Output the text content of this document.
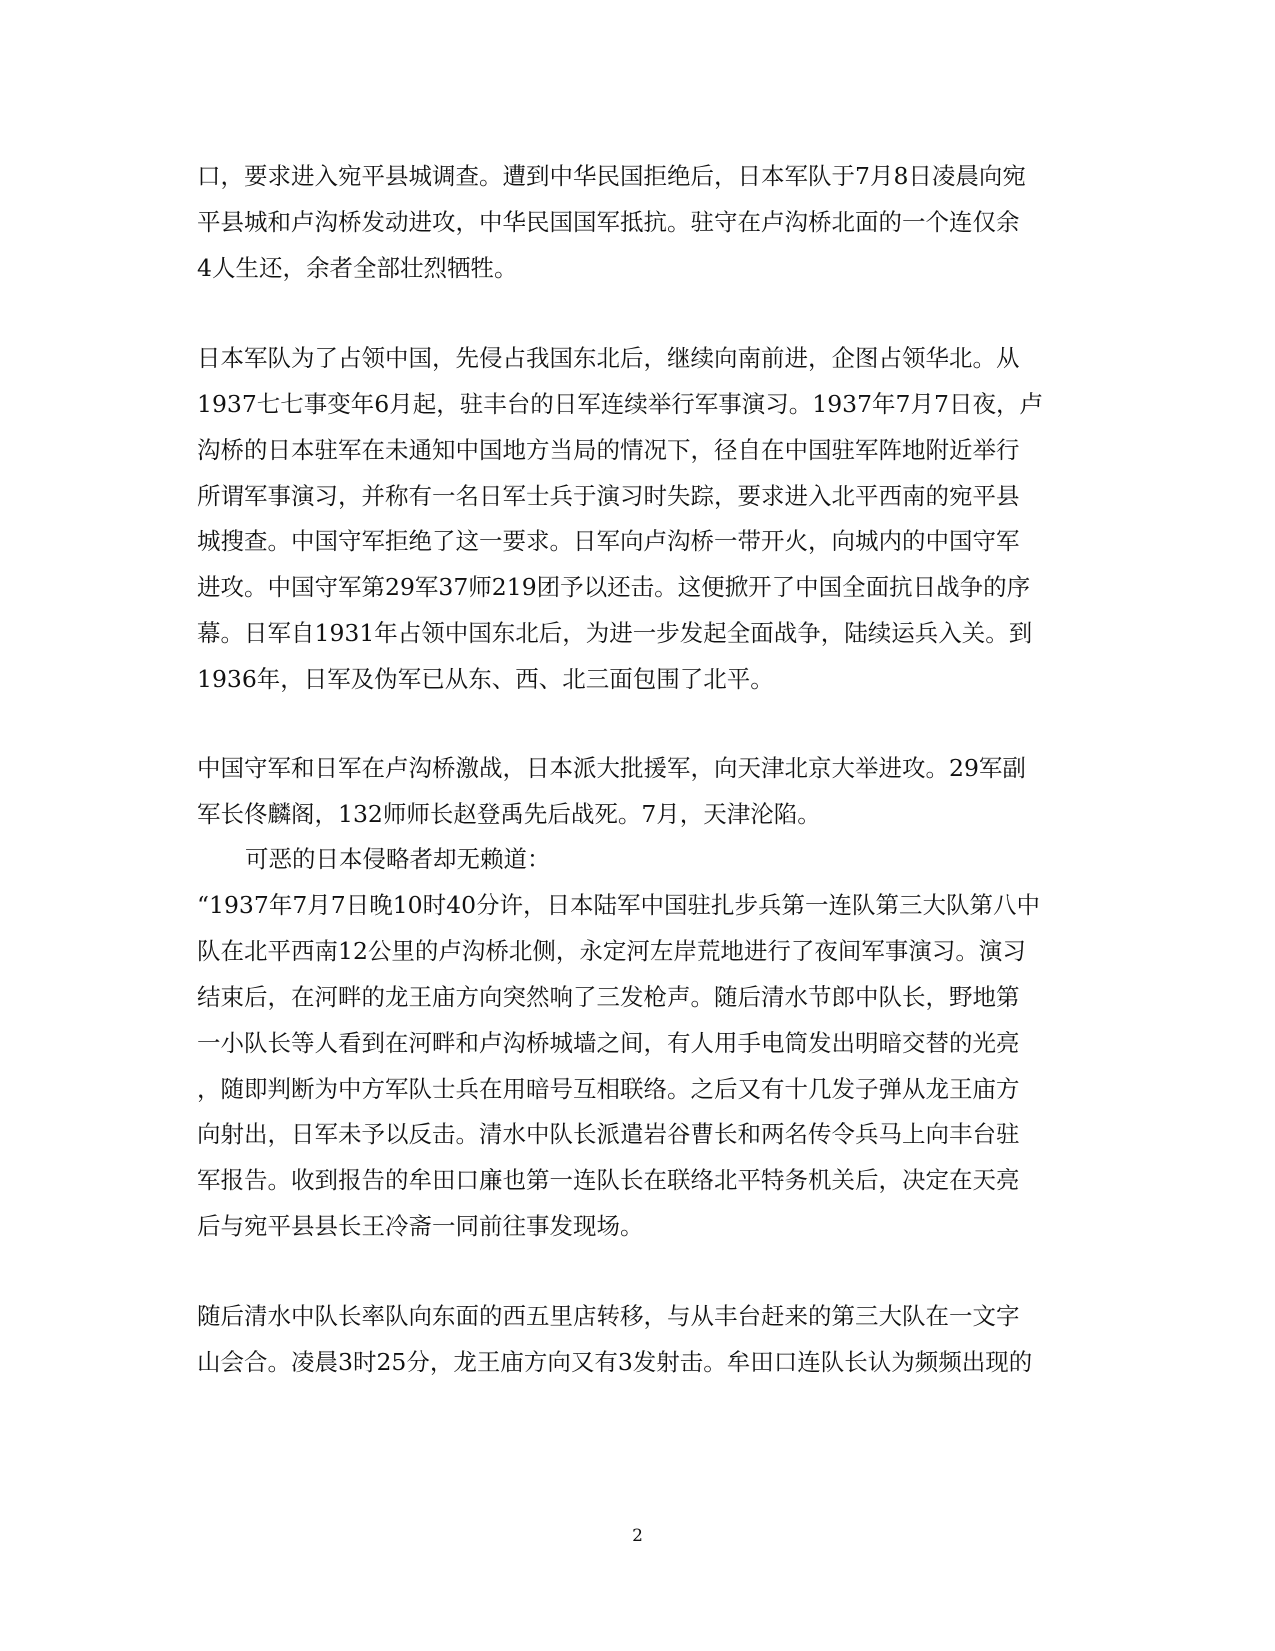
口，要求进入宛平县城调查。遭到中华民国拒绝后，日本军队于7月8日凌晨向宛
平县城和卢沟桥发动进攻，中华民国国军抵抗。驻守在卢沟桥北面的一个连仅余
4人生还，余者全部壮烈牺牲。
日本军队为了占领中国，先侵占我国东北后，继续向南前进，企图占领华北。从
1937七七事变年6月起，驻丰台的日军连续举行军事演习。1937年7月7日夜，卢
沟桥的日本驻军在未通知中国地方当局的情况下，径自在中国驻军阵地附近举行
所谓军事演习，并称有一名日军士兵于演习时失踪，要求进入北平西南的宛平县
城搜查。中国守军拒绝了这一要求。日军向卢沟桥一带开火，向城内的中国守军
进攻。中国守军第29军37师219团予以还击。这便掀开了中国全面抗日战争的序
幕。日军自1931年占领中国东北后，为进一步发起全面战争，陆续运兵入关。到
1936年，日军及伪军已从东、西、北三面包围了北平。
中国守军和日军在卢沟桥激战，日本派大批援军，向天津北京大举进攻。29军副
军长佟麟阁，132师师长赵登禹先后战死。7月，天津沦陷。
可恶的日本侵略者却无赖道：
“1937年7月7日晚10时40分许，日本陆军中国驻扎步兵第一连队第三大队第八中
队在北平西南12公里的卢沟桥北侧，永定河左岸荒地进行了夜间军事演习。演习
结束后，在河畔的龙王庙方向突然响了三发枪声。随后清水节郎中队长，野地第
一小队长等人看到在河畔和卢沟桥城墙之间，有人用手电筒发出明暗交替的光亮
，随即判断为中方军队士兵在用暗号互相联络。之后又有十几发子弹从龙王庙方
向射出，日军未予以反击。清水中队长派遣岩谷曹长和两名传令兵马上向丰台驻
军报告。收到报告的牟田口廉也第一连队长在联络北平特务机关后，决定在天亮
后与宛平县县长王冷斋一同前往事发现场。
随后清水中队长率队向东面的西五里店转移，与从丰台赶来的第三大队在一文字
山会合。凌晨3时25分，龙王庙方向又有3发射击。牟田口连队长认为频频出现的
2
